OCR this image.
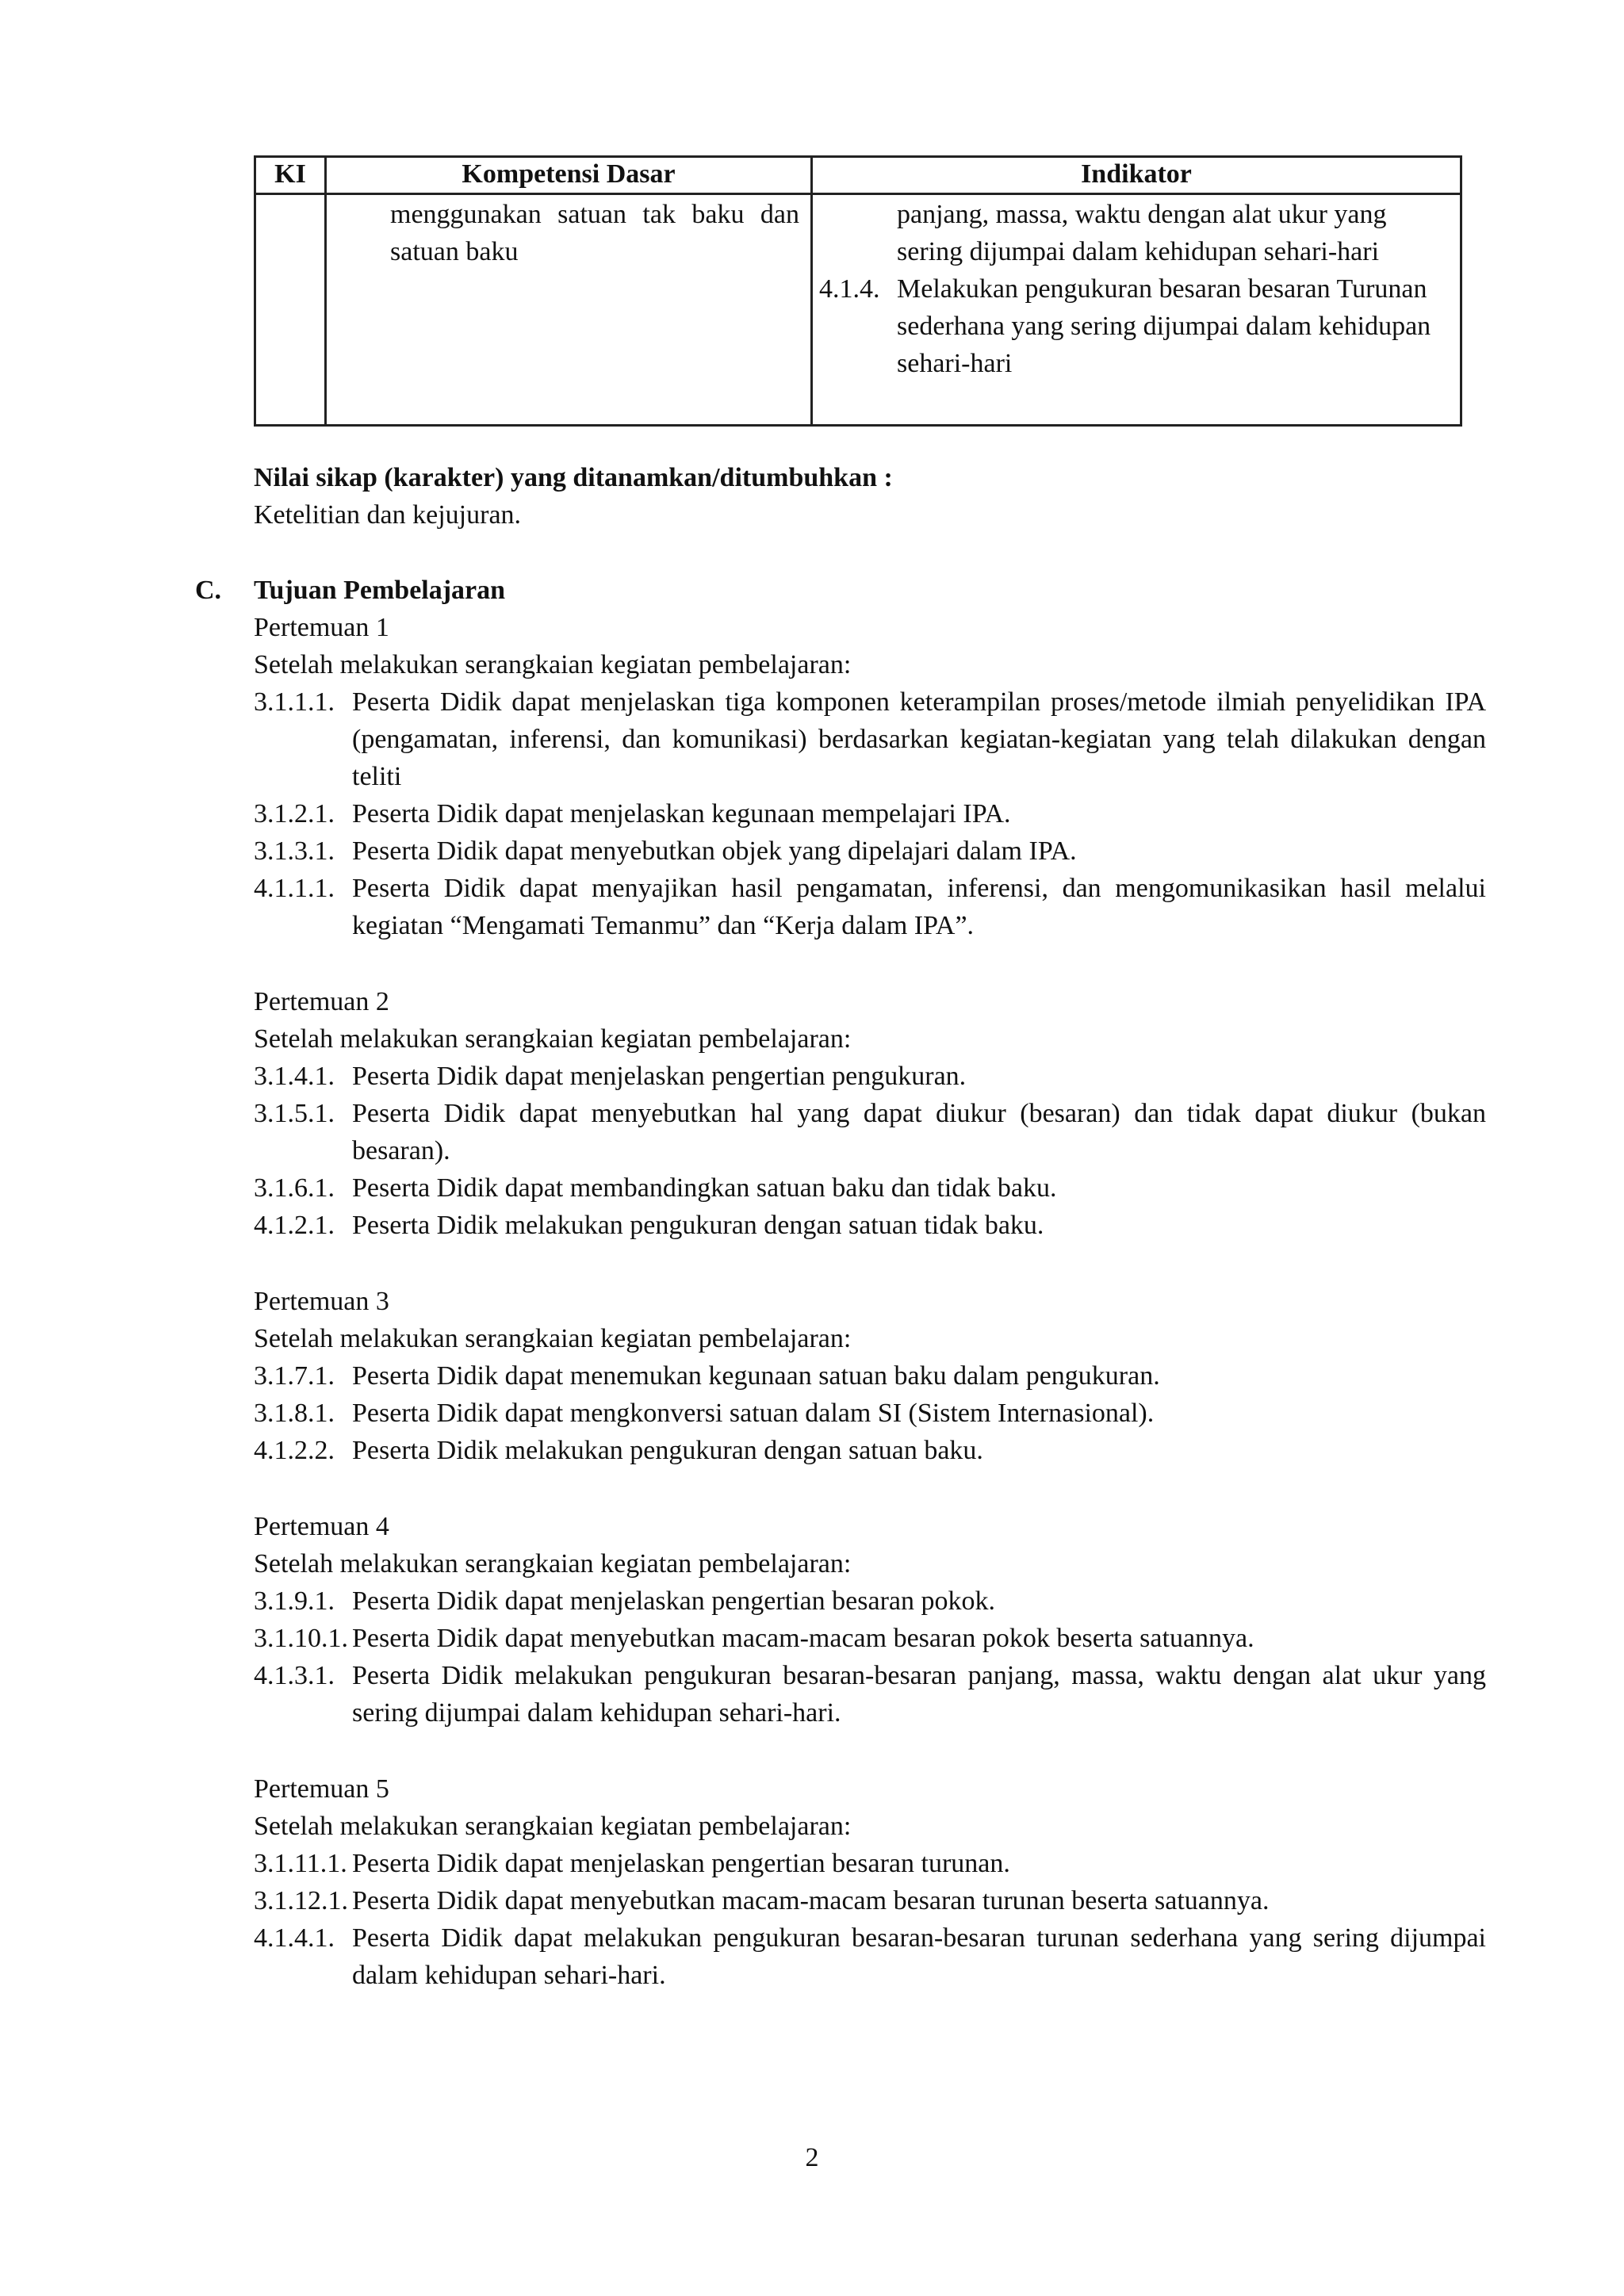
KI	Kompetensi Dasar	Indikator

	menggunakan satuan tak baku dan satuan baku	panjang, massa, waktu dengan alat ukur yang sering dijumpai dalam kehidupan sehari-hari
4.1.4. Melakukan pengukuran besaran besaran Turunan sederhana yang sering dijumpai dalam kehidupan sehari-hari
Nilai sikap (karakter) yang ditanamkan/ditumbuhkan :
Ketelitian dan kejujuran.
C. Tujuan Pembelajaran
Pertemuan 1
Setelah melakukan serangkaian kegiatan pembelajaran:
3.1.1.1. Peserta Didik dapat menjelaskan tiga komponen keterampilan proses/metode ilmiah penyelidikan IPA (pengamatan, inferensi, dan komunikasi) berdasarkan kegiatan-kegiatan yang telah dilakukan dengan teliti
3.1.2.1. Peserta Didik dapat menjelaskan kegunaan mempelajari IPA.
3.1.3.1. Peserta Didik dapat menyebutkan objek yang dipelajari dalam IPA.
4.1.1.1. Peserta Didik dapat menyajikan hasil pengamatan, inferensi, dan mengomunikasikan hasil melalui kegiatan “Mengamati Temanmu” dan “Kerja dalam IPA”.
Pertemuan 2
Setelah melakukan serangkaian kegiatan pembelajaran:
3.1.4.1. Peserta Didik dapat menjelaskan pengertian pengukuran.
3.1.5.1. Peserta Didik dapat menyebutkan hal yang dapat diukur (besaran) dan tidak dapat diukur (bukan besaran).
3.1.6.1. Peserta Didik dapat membandingkan satuan baku dan tidak baku.
4.1.2.1. Peserta Didik melakukan pengukuran dengan satuan tidak baku.
Pertemuan 3
Setelah melakukan serangkaian kegiatan pembelajaran:
3.1.7.1. Peserta Didik dapat menemukan kegunaan satuan baku dalam pengukuran.
3.1.8.1. Peserta Didik dapat mengkonversi satuan dalam SI (Sistem Internasional).
4.1.2.2. Peserta Didik melakukan pengukuran dengan satuan baku.
Pertemuan 4
Setelah melakukan serangkaian kegiatan pembelajaran:
3.1.9.1. Peserta Didik dapat menjelaskan pengertian besaran pokok.
3.1.10.1. Peserta Didik dapat menyebutkan macam-macam besaran pokok beserta satuannya.
4.1.3.1. Peserta Didik melakukan pengukuran besaran-besaran panjang, massa, waktu dengan alat ukur yang sering dijumpai dalam kehidupan sehari-hari.
Pertemuan 5
Setelah melakukan serangkaian kegiatan pembelajaran:
3.1.11.1. Peserta Didik dapat menjelaskan pengertian besaran turunan.
3.1.12.1. Peserta Didik dapat menyebutkan macam-macam besaran turunan beserta satuannya.
4.1.4.1. Peserta Didik dapat melakukan pengukuran besaran-besaran turunan sederhana yang sering dijumpai dalam kehidupan sehari-hari.
2
